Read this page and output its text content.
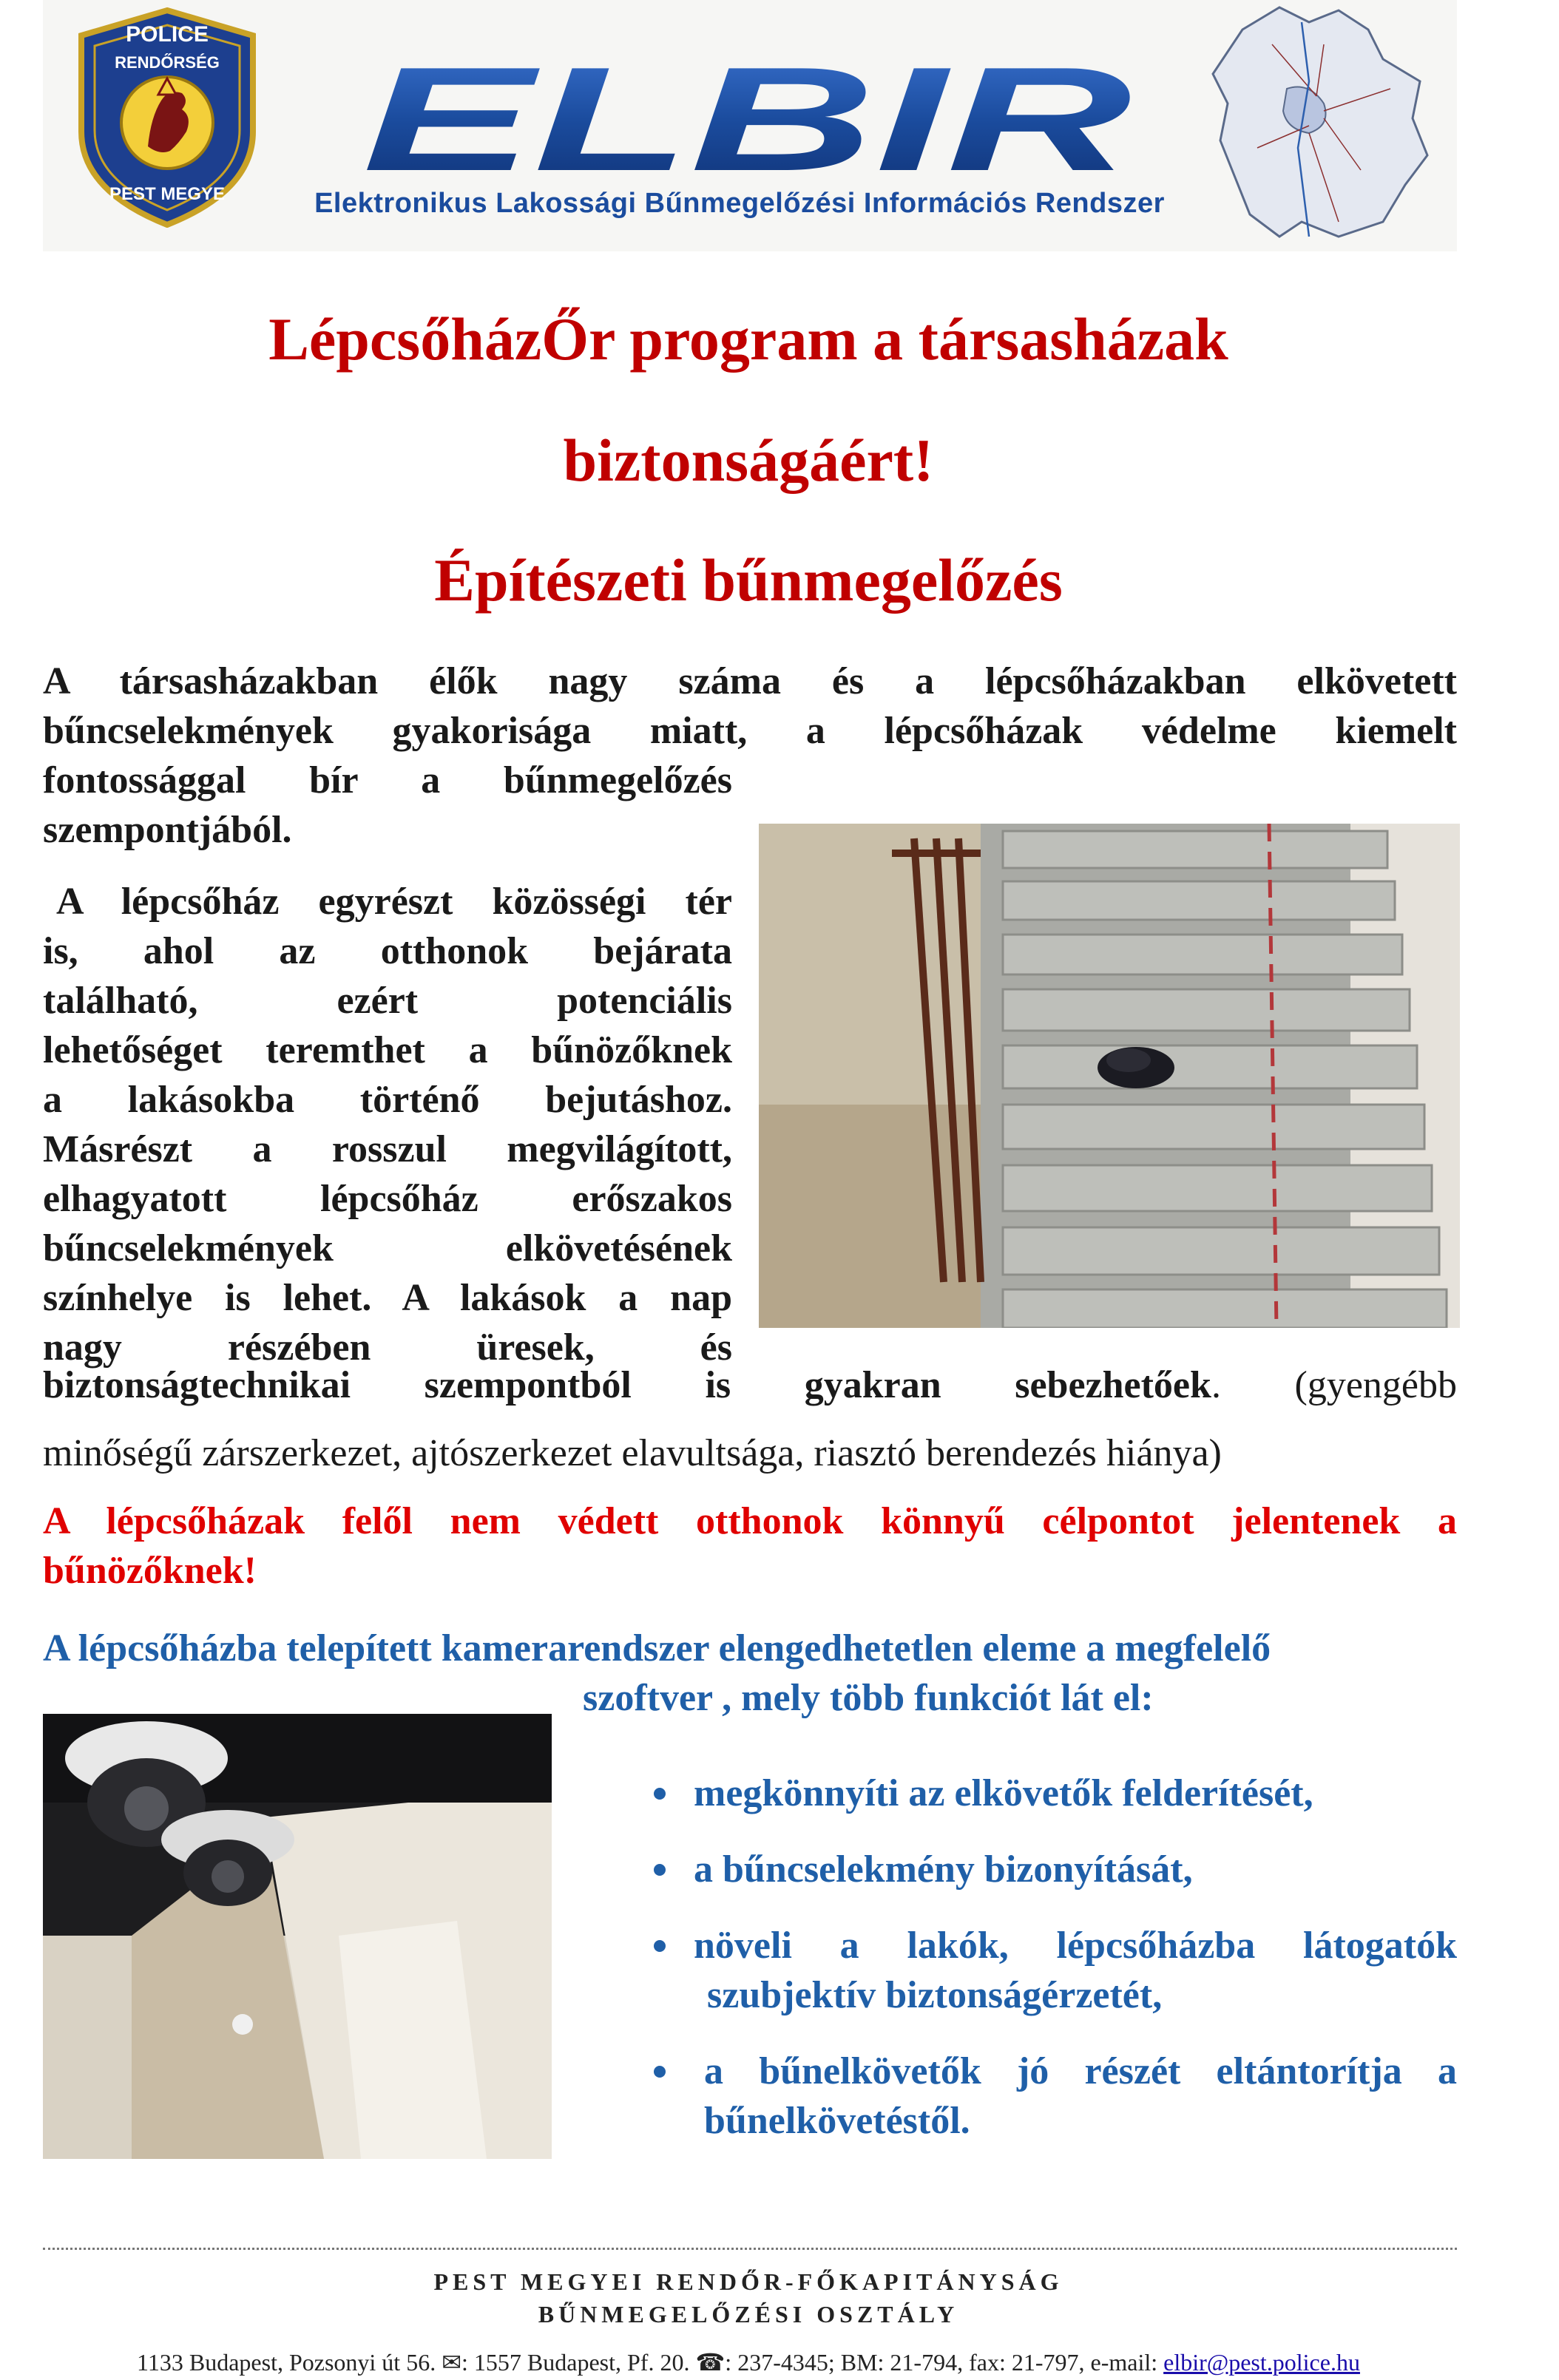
POLICE
RENDŐRSÉG
PEST MEGYE ELBIR
Elektronikus Lakossági Bűnmegelőzési Információs Rendszer
LépcsőházŐr program a társasházak
biztonságáért!
Építészeti bűnmegelőzés
A társasházakban élők nagy száma és a lépcsőházakban elkövetett
bűncselekmények gyakorisága miatt, a lépcsőházak védelme kiemelt
fontossággal bír a bűnmegelőzés
szempontjából.
A lépcsőház egyrészt közösségi tér
is, ahol az otthonok bejárata
található, ezért potenciális
lehetőséget teremthet a bűnözőknek
a lakásokba történő bejutáshoz.
Másrészt a rosszul megvilágított,
elhagyatott lépcsőház erőszakos
bűncselekmények elkövetésének
színhelye is lehet. A lakások a nap
nagy részében üresek, és
biztonságtechnikai szempontból is gyakran sebezhetőek. (gyengébb
minőségű zárszerkezet, ajtószerkezet elavultsága, riasztó berendezés hiánya)
A lépcsőházak felől nem védett otthonok könnyű célpontot jelentenek a
bűnözőknek!
A lépcsőházba telepített kamerarendszer elengedhetetlen eleme a megfelelő
szoftver , mely több funkciót lát el:
megkönnyíti az elkövetők felderítését,
a bűncselekmény bizonyítását,
növeli a lakók, lépcsőházba látogatók
szubjektív biztonságérzetét,
a bűnelkövetők jó részét eltántorítja a
bűnelkövetéstől.
PEST MEGYEI RENDŐR-FŐKAPITÁNYSÁG
BŰNMEGELŐZÉSI OSZTÁLY
1133 Budapest, Pozsonyi út 56. ✉: 1557 Budapest, Pf. 20. ☎: 237-4345; BM: 21-794, fax: 21-797, e-mail: elbir@pest.police.hu
